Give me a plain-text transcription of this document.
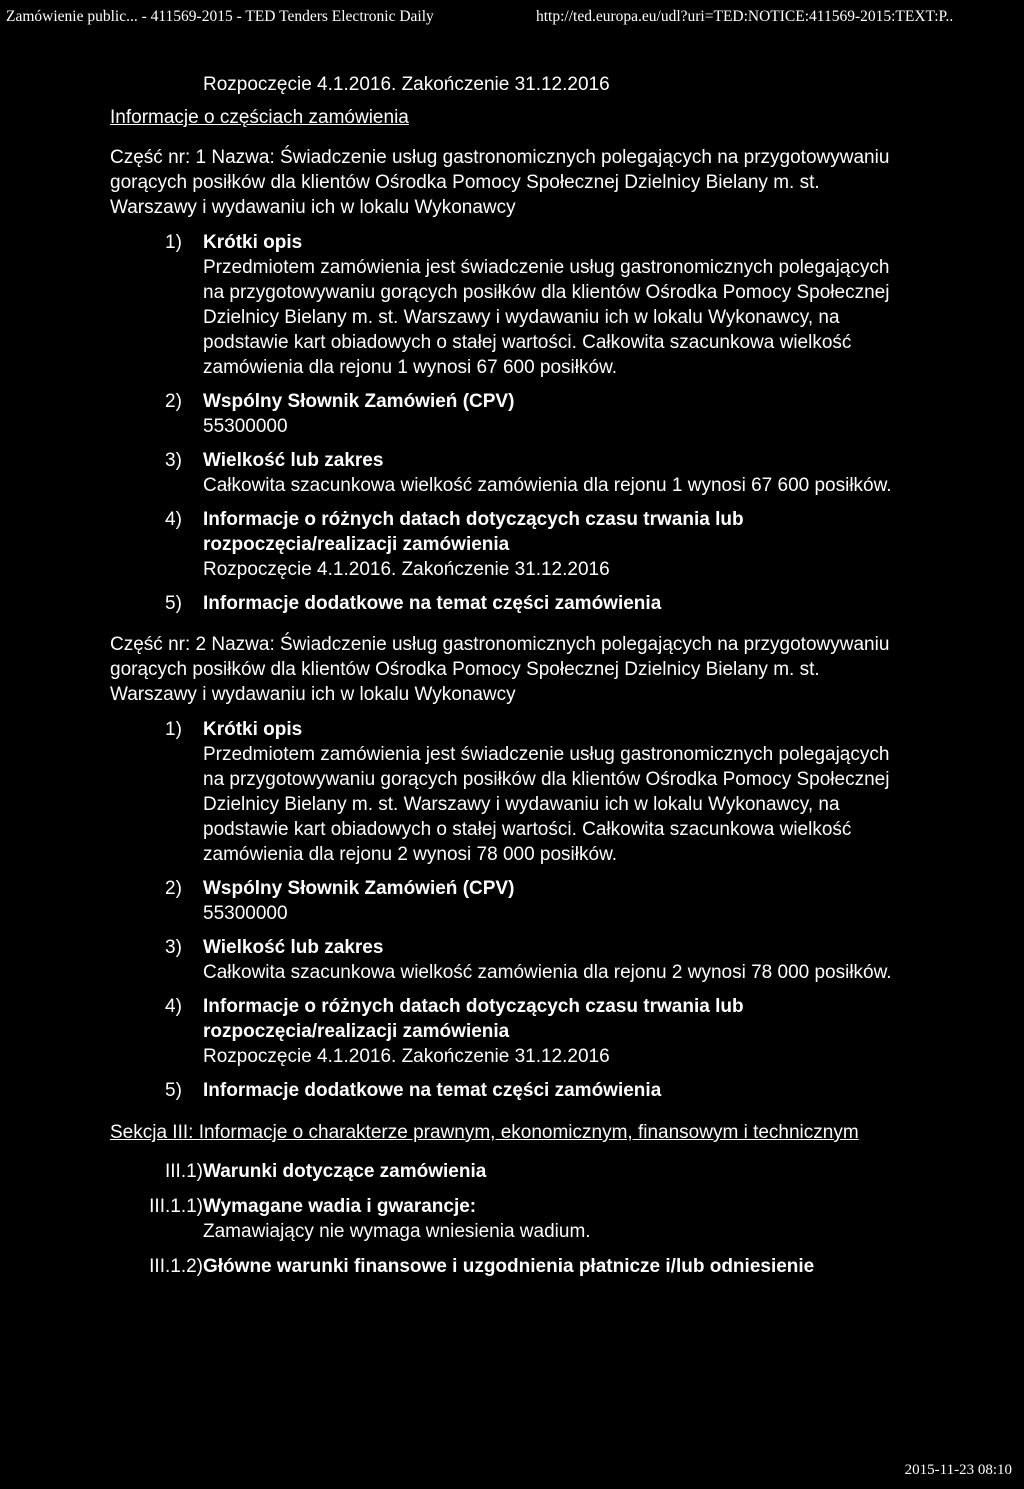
Zamówienie public... - 411569-2015 - TED Tenders Electronic Daily	http://ted.europa.eu/udl?uri=TED:NOTICE:411569-2015:TEXT:P..
Rozpoczęcie 4.1.2016. Zakończenie 31.12.2016
Informacje o częściach zamówienia
Część nr: 1 Nazwa: Świadczenie usług gastronomicznych polegających na przygotowywaniu gorących posiłków dla klientów Ośrodka Pomocy Społecznej Dzielnicy Bielany m. st. Warszawy i wydawaniu ich w lokalu Wykonawcy
1) Krótki opis
Przedmiotem zamówienia jest świadczenie usług gastronomicznych polegających na przygotowywaniu gorących posiłków dla klientów Ośrodka Pomocy Społecznej Dzielnicy Bielany m. st. Warszawy i wydawaniu ich w lokalu Wykonawcy, na podstawie kart obiadowych o stałej wartości. Całkowita szacunkowa wielkość zamówienia dla rejonu 1 wynosi 67 600 posiłków.
2) Wspólny Słownik Zamówień (CPV)
55300000
3) Wielkość lub zakres
Całkowita szacunkowa wielkość zamówienia dla rejonu 1 wynosi 67 600 posiłków.
4) Informacje o różnych datach dotyczących czasu trwania lub rozpoczęcia/realizacji zamówienia
Rozpoczęcie 4.1.2016. Zakończenie 31.12.2016
5) Informacje dodatkowe na temat części zamówienia
Część nr: 2 Nazwa: Świadczenie usług gastronomicznych polegających na przygotowywaniu gorących posiłków dla klientów Ośrodka Pomocy Społecznej Dzielnicy Bielany m. st. Warszawy i wydawaniu ich w lokalu Wykonawcy
1) Krótki opis
Przedmiotem zamówienia jest świadczenie usług gastronomicznych polegających na przygotowywaniu gorących posiłków dla klientów Ośrodka Pomocy Społecznej Dzielnicy Bielany m. st. Warszawy i wydawaniu ich w lokalu Wykonawcy, na podstawie kart obiadowych o stałej wartości. Całkowita szacunkowa wielkość zamówienia dla rejonu 2 wynosi 78 000 posiłków.
2) Wspólny Słownik Zamówień (CPV)
55300000
3) Wielkość lub zakres
Całkowita szacunkowa wielkość zamówienia dla rejonu 2 wynosi 78 000 posiłków.
4) Informacje o różnych datach dotyczących czasu trwania lub rozpoczęcia/realizacji zamówienia
Rozpoczęcie 4.1.2016. Zakończenie 31.12.2016
5) Informacje dodatkowe na temat części zamówienia
Sekcja III: Informacje o charakterze prawnym, ekonomicznym, finansowym i technicznym
III.1) Warunki dotyczące zamówienia
III.1.1) Wymagane wadia i gwarancje:
Zamawiający nie wymaga wniesienia wadium.
III.1.2) Główne warunki finansowe i uzgodnienia płatnicze i/lub odniesienie
2015-11-23 08:10
